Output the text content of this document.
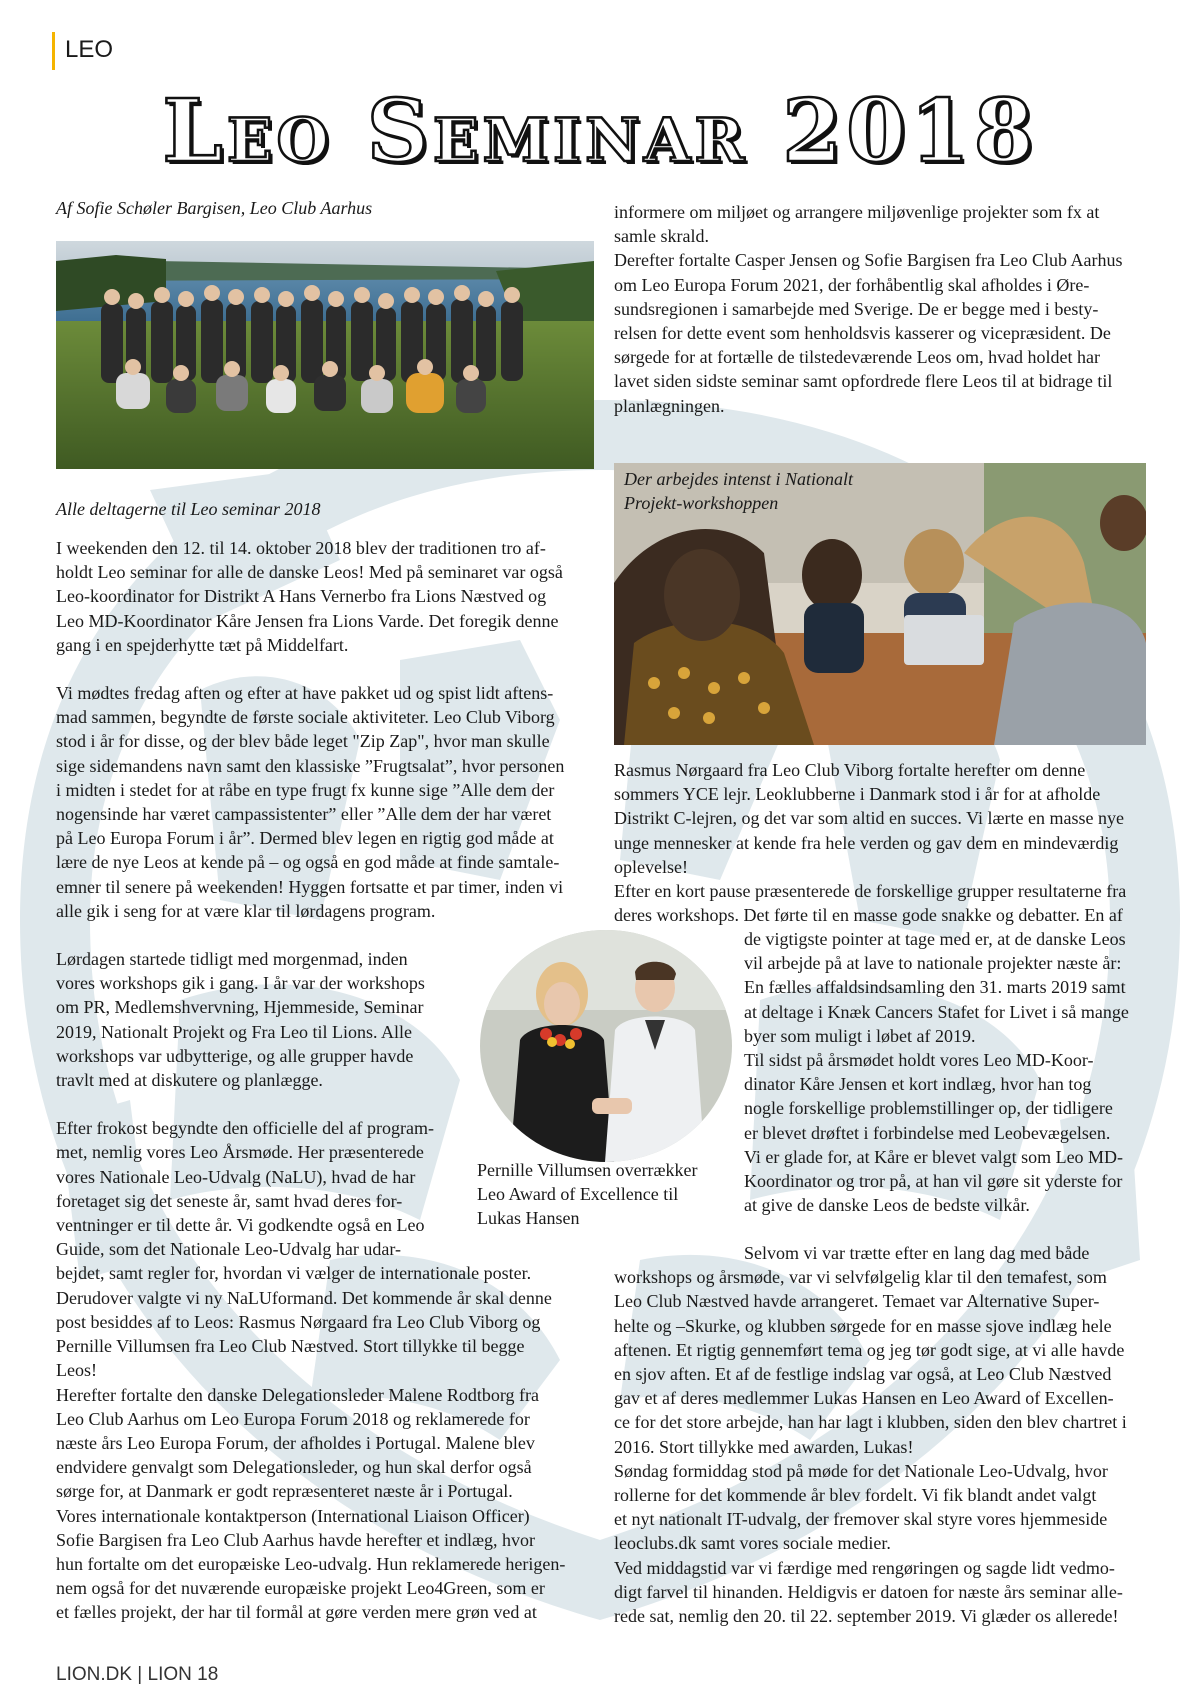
LEO
Leo Seminar 2018
Af Sofie Schøler Bargisen, Leo Club Aarhus
Alle deltagerne til Leo seminar 2018
Der arbejdes intenst i Nationalt
Projekt-workshoppen
Pernille Villumsen overrækker
Leo Award of Excellence til
Lukas Hansen

I weekenden den 12. til 14. oktober 2018 blev der traditionen tro af-

holdt Leo seminar for alle de danske Leos! Med på seminaret var også

Leo-koordinator for Distrikt A Hans Vernerbo fra Lions Næstved og

Leo MD-Koordinator Kåre Jensen fra Lions Varde. Det foregik denne

gang i en spejderhytte tæt på Middelfart.

Vi mødtes fredag aften og efter at have pakket ud og spist lidt aftens-

mad sammen, begyndte de første sociale aktiviteter. Leo Club Viborg

stod i år for disse, og der blev både leget "Zip Zap", hvor man skulle

sige sidemandens navn samt den klassiske ”Frugtsalat”, hvor personen

i midten i stedet for at råbe en type frugt fx kunne sige ”Alle dem der

nogensinde har været campassistenter” eller ”Alle dem der har været

på Leo Europa Forum i år”. Dermed blev legen en rigtig god måde at

lære de nye Leos at kende på – og også en god måde at finde samtale-

emner til senere på weekenden! Hyggen fortsatte et par timer, inden vi

alle gik i seng for at være klar til lørdagens program.

Lørdagen startede tidligt med morgenmad, inden

vores workshops gik i gang. I år var der workshops

om PR, Medlemshvervning, Hjemmeside, Seminar

2019, Nationalt Projekt og Fra Leo til Lions. Alle

workshops var udbytterige, og alle grupper havde

travlt med at diskutere og planlægge.

Efter frokost begyndte den officielle del af program-

met, nemlig vores Leo Årsmøde. Her præsenterede

vores Nationale Leo-Udvalg (NaLU), hvad de har

foretaget sig det seneste år, samt hvad deres for-

ventninger er til dette år. Vi godkendte også en Leo

Guide, som det Nationale Leo-Udvalg har udar-

bejdet, samt regler for, hvordan vi vælger de internationale poster.

Derudover valgte vi ny NaLUformand. Det kommende år skal denne

post besiddes af to Leos: Rasmus Nørgaard fra Leo Club Viborg og

Pernille Villumsen fra Leo Club Næstved. Stort tillykke til begge

Leos!

Herefter fortalte den danske Delegationsleder Malene Rodtborg fra

Leo Club Aarhus om Leo Europa Forum 2018 og reklamerede for

næste års Leo Europa Forum, der afholdes i Portugal. Malene blev

endvidere genvalgt som Delegationsleder, og hun skal derfor også

sørge for, at Danmark er godt repræsenteret næste år i Portugal.

Vores internationale kontaktperson (International Liaison Officer)

Sofie Bargisen fra Leo Club Aarhus havde herefter et indlæg, hvor

hun fortalte om det europæiske Leo-udvalg. Hun reklamerede herigen-

nem også for det nuværende europæiske projekt Leo4Green, som er

et fælles projekt, der har til formål at gøre verden mere grøn ved at

informere om miljøet og arrangere miljøvenlige projekter som fx at

samle skrald.

Derefter fortalte Casper Jensen og Sofie Bargisen fra Leo Club Aarhus

om Leo Europa Forum 2021, der forhåbentlig skal afholdes i Øre-

sundsregionen i samarbejde med Sverige. De er begge med i besty-

relsen for dette event som henholdsvis kasserer og vicepræsident. De

sørgede for at fortælle de tilstedeværende Leos om, hvad holdet har

lavet siden sidste seminar samt opfordrede flere Leos til at bidrage til

planlægningen.

Rasmus Nørgaard fra Leo Club Viborg fortalte herefter om denne

sommers YCE lejr. Leoklubberne i Danmark stod i år for at afholde

Distrikt C-lejren, og det var som altid en succes. Vi lærte en masse nye

unge mennesker at kende fra hele verden og gav dem en mindeværdig

oplevelse!

Efter en kort pause præsenterede de forskellige grupper resultaterne fra

deres workshops. Det førte til en masse gode snakke og debatter. En af

de vigtigste pointer at tage med er, at de danske Leos

vil arbejde på at lave to nationale projekter næste år:

En fælles affaldsindsamling den 31. marts 2019 samt

at deltage i Knæk Cancers Stafet for Livet i så mange

byer som muligt i løbet af 2019.

Til sidst på årsmødet holdt vores Leo MD-Koor-

dinator Kåre Jensen et kort indlæg, hvor han tog

nogle forskellige problemstillinger op, der tidligere

er blevet drøftet i forbindelse med Leobevægelsen.

Vi er glade for, at Kåre er blevet valgt som Leo MD-

Koordinator og tror på, at han vil gøre sit yderste for

at give de danske Leos de bedste vilkår.

Selvom vi var trætte efter en lang dag med både

workshops og årsmøde, var vi selvfølgelig klar til den temafest, som

Leo Club Næstved havde arrangeret. Temaet var Alternative Super-

helte og –Skurke, og klubben sørgede for en masse sjove indlæg hele

aftenen. Et rigtig gennemført tema og jeg tør godt sige, at vi alle havde

en sjov aften. Et af de festlige indslag var også, at Leo Club Næstved

gav et af deres medlemmer Lukas Hansen en Leo Award of Excellen-

ce for det store arbejde, han har lagt i klubben, siden den blev chartret i

2016. Stort tillykke med awarden, Lukas!

Søndag formiddag stod på møde for det Nationale Leo-Udvalg, hvor

rollerne for det kommende år blev fordelt. Vi fik blandt andet valgt

et nyt nationalt IT-udvalg, der fremover skal styre vores hjemmeside

leoclubs.dk samt vores sociale medier.

Ved middagstid var vi færdige med rengøringen og sagde lidt vedmo-

digt farvel til hinanden. Heldigvis er datoen for næste års seminar alle-

rede sat, nemlig den 20. til 22. september 2019. Vi glæder os allerede!

LION.DK | LION 18
